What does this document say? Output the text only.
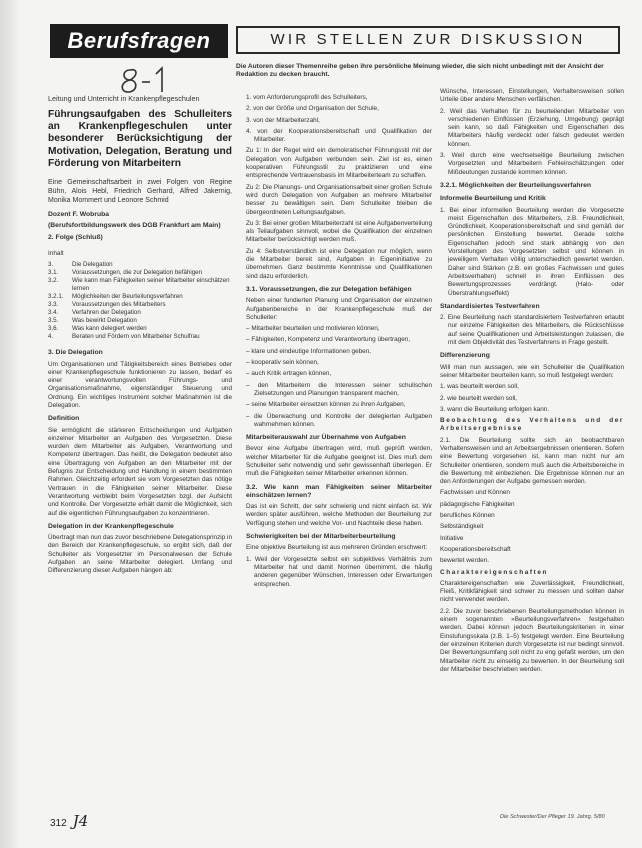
Berufsfragen	WIR STELLEN ZUR DISKUSSION
Die Autoren dieser Themenreihe geben ihre persönliche Meinung wieder, die sich nicht unbedingt mit der Ansicht der Redaktion zu decken braucht.

Leitung und Unterricht in Krankenpflegeschulen

Führungsaufgaben des Schulleiters an Krankenpflegeschulen unter besonderer Berücksichtigung der Motivation, Delegation, Beratung und Förderung von Mitarbeitern

Eine Gemeinschaftsarbeit in zwei Folgen von Regine Bühn, Alois Hebl, Friedrich Gerhard, Alfred Jakernig, Monika Mommert und Leonore Schmid

Dozent F. Wobruba

(Berufsfortbildungswerk des DGB Frankfurt am Main)

2. Folge (Schluß)

Inhalt

3.	Die Delegation
3.1.	Voraussetzungen, die zur Delegation befähigen
3.2.	Wie kann man Fähigkeiten seiner Mitarbeiter einschätzen lernen
3.2.1.	Möglichkeiten der Beurteilungsverfahren
3.3.	Voraussetzungen des Mitarbeiters
3.4.	Verfahren der Delegation
3.5.	Was bewirkt Delegation
3.6.	Was kann delegiert werden
4.	Beraten und Fördern von Mitarbeiter Schulfrau

3. Die Delegation

Um Organisationen und Tätigkeitsbereich eines Betriebes oder einer Krankenpflegeschule funktionieren zu lassen, bedarf es einer verantwortungsvollen Führungs- und Organisationsmaßnahme, eigenständiger Steuerung und Ordnung. Ein wichtiges Instrument solcher Maßnahmen ist die Delegation.

Definition

Sie ermöglicht die stärkeren Entscheidungen und Aufgaben einzelner Mitarbeiter an Aufgaben des Vorgesetzten. Diese wurden dem Mitarbeiter als Aufgaben, Verantwortung und Kompetenz übertragen. Das heißt, die Delegation bedeutet also eine Übertragung von Aufgaben an den Mitarbeiter mit der Befugnis zur Entscheidung und Handlung in einem bestimmten Rahmen. Gleichzeitig erfordert sie vom Vorgesetzten das nötige Vertrauen in die Fähigkeiten seiner Mitarbeiter. Diese Verantwortung verbleibt beim Vorgesetzten bzgl. der Aufsicht und Kontrolle. Der Vorgesetzte erhält damit die Möglichkeit, sich auf die eigentlichen Führungsaufgaben zu konzentrieren.

Delegation in der Krankenpflegeschule

Übertragt man nun das zuvor beschriebene Delegationsprinzip in den Bereich der Krankenpflegeschule, so ergibt sich, daß der Schulleiter als Vorgesetzter im Personalwesen der Schule Aufgaben an seine Mitarbeiter delegiert. Umfang und Differenzierung dieser Aufgaben hängen ab:

1. vom Anforderungsprofil des Schulleiters,

2. von der Größe und Organisation der Schule,

3. von der Mitarbeiterzahl,

4. von der Kooperationsbereitschaft und Qualifikation der Mitarbeiter.

Zu 1: In der Regel wird ein demokratischer Führungsstil mit der Delegation von Aufgaben verbunden sein. Ziel ist es, einen kooperativen Führungsstil zu praktizieren und eine entsprechende Vertrauensbasis im Mitarbeiterteam zu schaffen.

Zu 2: Die Planungs- und Organisationsarbeit einer großen Schule wird durch Delegation von Aufgaben an mehrere Mitarbeiter besser zu bewältigen sein. Dem Schulleiter bleiben die übergeordneten Leitungsaufgaben.

Zu 3: Bei einer großen Mitarbeiterzahl ist eine Aufgabenverteilung als Teilaufgaben sinnvoll, wobei die Qualifikation der einzelnen Mitarbeiter berücksichtigt werden muß.

Zu 4: Selbstverständlich ist eine Delegation nur möglich, wenn die Mitarbeiter bereit sind, Aufgaben in Eigeninitiative zu übernehmen. Ganz bestimmte Kenntnisse und Qualifikationen sind dazu erforderlich.

3.1. Voraussetzungen, die zur Delegation befähigen

Neben einer fundierten Planung und Organisation der einzelnen Aufgabenbereiche in der Krankenpflegeschule muß der Schulleiter:

– Mitarbeiter beurteilen und motivieren können,

– Fähigkeiten, Kompetenz und Verantwortung übertragen,

– klare und eindeutige Informationen geben,

– kooperativ sein können,

– auch Kritik ertragen können,

– den Mitarbeitern die Interessen seiner schulischen Zielsetzungen und Planungen transparent machen,

– seine Mitarbeiter einsetzen können zu ihren Aufgaben,

– die Überwachung und Kontrolle der delegierten Aufgaben wahrnehmen können.

Mitarbeiterauswahl zur Übernahme von Aufgaben

Bevor eine Aufgabe übertragen wird, muß geprüft werden, welcher Mitarbeiter für die Aufgabe geeignet ist. Dies muß dem Schulleiter sehr notwendig und sehr gewissenhaft überlegen. Er muß die Fähigkeiten seiner Mitarbeiter erkennen können.

3.2. Wie kann man Fähigkeiten seiner Mitarbeiter einschätzen lernen?

Das ist ein Schritt, der sehr schwierig und nicht einfach ist. Wir werden später ausführen, welche Methoden der Beurteilung zur Verfügung stehen und welche Vor- und Nachteile diese haben.

Schwierigkeiten bei der Mitarbeiterbeurteilung

Eine objektive Beurteilung ist aus mehreren Gründen erschwert:

1. Weil der Vorgesetzte selbst ein subjektives Verhältnis zum Mitarbeiter hat und damit Normen übernimmt, die häufig anderen gegenüber Wünschen, Interessen oder Erwartungen entsprechen.

Wünsche, Interessen, Einstellungen, Verhaltensweisen sollen Urteile über andere Menschen verfälschen.

2. Weil das Verhalten für zu beurteilenden Mitarbeiter von verschiedenen Einflüssen (Erziehung, Umgebung) geprägt sein kann, so daß Fähigkeiten und Eigenschaften des Mitarbeiters häufig verdeckt oder falsch gedeutet werden können.

3. Weil durch eine wechselseitige Beurteilung zwischen Vorgesetzten und Mitarbeitern Fehleinschätzungen oder Mißdeutungen zustande kommen können.

3.2.1. Möglichkeiten der Beurteilungsverfahren

Informelle Beurteilung und Kritik

1. Bei einer informellen Beurteilung werden die Vorgesetzte meist Eigenschaften des Mitarbeiters, z.B. Freundlichkeit, Gründlichkeit, Kooperationsbereitschaft und sind gemäß der persönlichen Einstellung bewertet. Gerade solche Eigenschaften jedoch sind stark abhängig von den Vorstellungen des Vorgesetzten selbst und können in jeweiligem Verhalten völlig unterschiedlich gewertet werden. Daher sind Stärken (z.B. ein großes Fachwissen und gutes Arbeitsverhalten) schnell in ihren Einflüssen des Bewertungsprozesses verdrängt. (Halo- oder Überstrahlungseffekt)

Standardisiertes Testverfahren

2. Eine Beurteilung nach standardisiertem Testverfahren erlaubt nur einzelne Fähigkeiten des Mitarbeiters, die Rückschlüsse auf seine Qualifikationen und Arbeitsleistungen zulassen, die mit dem Objektivität des Testverfahrens in Frage gestellt.

Differenzierung

Will man nun aussagen, wie ein Schulleiter die Qualifikation seiner Mitarbeiter beurteilen kann, so muß festgelegt werden:

1. was beurteilt werden soll,

2. wie beurteilt werden soll,

3. wann die Beurteilung erfolgen kann.

Beobachtung des Verhaltens und der Arbeitsergebnisse

2.1. Die Beurteilung sollte sich an beobachtbaren Verhaltensweisen und an Arbeitsergebnissen orientieren. Sofern eine Bewertung vorgesehen ist, kann man nicht nur am Schulleiter orientieren, sondern muß auch die Arbeitsbereiche in die Bewertung mit einbeziehen. Die Ergebnisse können nur an den Anforderungen der Aufgabe gemessen werden.

Fachwissen und Können

pädagogische Fähigkeiten

berufliches Können

Selbständigkeit

Initiative

Kooperationsbereitschaft

bewertet werden.

Charaktereigenschaften

Charaktereigenschaften wie Zuverlässigkeit, Freundlichkeit, Fleiß, Kritikfähigkeit sind schwer zu messen und sollten daher nicht verwendet werden.

2.2. Die zuvor beschriebenen Beurteilungsmethoden können in einem sogenannten »Beurteilungsverfahren« festgehalten werden. Dabei können jedoch Beurteilungskriterien in einer Einstufungsskala (z.B. 1–5) festgelegt werden. Eine Beurteilung der einzelnen Kriterien durch Vorgesetzte ist nur bedingt sinnvoll. Der Bewertungsumfang soll nicht zu eng gefaßt werden, um den Mitarbeiter nicht zu einseitig zu bewerten. In der Beurteilung soll der Mitarbeiter beschrieben werden.

312 J4	Die Schwester/Der Pfleger 19. Jahrg. 5/80
